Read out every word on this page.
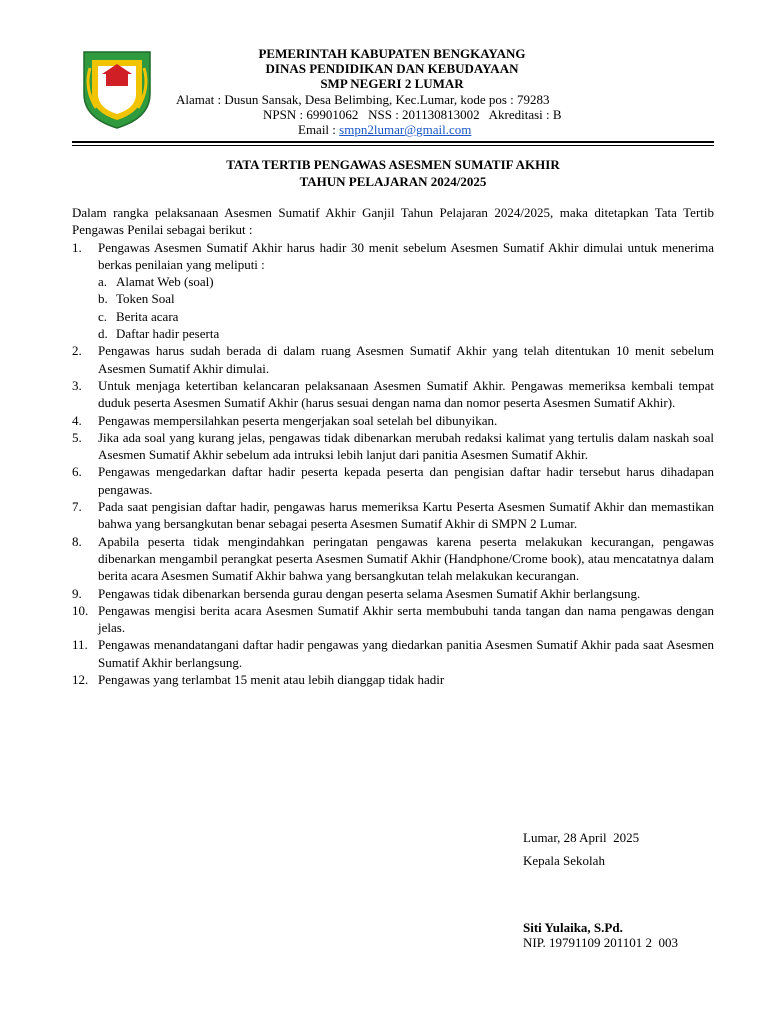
PEMERINTAH KABUPATEN BENGKAYANG
DINAS PENDIDIKAN DAN KEBUDAYAAN
SMP NEGERI 2 LUMAR
Alamat : Dusun Sansak, Desa Belimbing, Kec.Lumar, kode pos : 79283
NPSN : 69901062   NSS : 201130813002   Akreditasi : B
Email : smpn2lumar@gmail.com
TATA TERTIB PENGAWAS ASESMEN SUMATIF AKHIR
TAHUN PELAJARAN 2024/2025

Dalam rangka pelaksanaan Asesmen Sumatif Akhir Ganjil Tahun Pelajaran 2024/2025, maka ditetapkan Tata Tertib Pengawas Penilai sebagai berikut :

1.	Pengawas Asesmen Sumatif Akhir harus hadir 30 menit sebelum Asesmen Sumatif Akhir dimulai untuk menerima berkas penilaian yang meliputi :
a. Alamat Web (soal)
b. Token Soal
c. Berita acara
d. Daftar hadir peserta
2.	Pengawas harus sudah berada di dalam ruang Asesmen Sumatif Akhir yang telah ditentukan 10 menit sebelum Asesmen Sumatif Akhir dimulai.
3.	Untuk menjaga ketertiban kelancaran pelaksanaan Asesmen Sumatif Akhir. Pengawas memeriksa kembali tempat duduk peserta Asesmen Sumatif Akhir (harus sesuai dengan nama dan nomor peserta Asesmen Sumatif Akhir).
4.	Pengawas mempersilahkan peserta mengerjakan soal setelah bel dibunyikan.
5.	Jika ada soal yang kurang jelas, pengawas tidak dibenarkan merubah redaksi kalimat yang tertulis dalam naskah soal Asesmen Sumatif Akhir sebelum ada intruksi lebih lanjut dari panitia Asesmen Sumatif Akhir.
6.	Pengawas mengedarkan daftar hadir peserta kepada peserta dan pengisian daftar hadir tersebut harus dihadapan pengawas.
7.	Pada saat pengisian daftar hadir, pengawas harus memeriksa Kartu Peserta Asesmen Sumatif Akhir dan memastikan bahwa yang bersangkutan benar sebagai peserta Asesmen Sumatif Akhir di SMPN 2 Lumar.
8.	Apabila peserta tidak mengindahkan peringatan pengawas karena peserta melakukan kecurangan, pengawas dibenarkan mengambil perangkat peserta Asesmen Sumatif Akhir (Handphone/Crome book), atau mencatatnya dalam berita acara Asesmen Sumatif Akhir bahwa yang bersangkutan telah melakukan kecurangan.
9.	Pengawas tidak dibenarkan bersenda gurau dengan peserta selama Asesmen Sumatif Akhir berlangsung.
10. Pengawas mengisi berita acara Asesmen Sumatif Akhir serta membubuhi tanda tangan dan nama pengawas dengan jelas.
11. Pengawas menandatangani daftar hadir pengawas yang diedarkan panitia Asesmen Sumatif Akhir pada saat Asesmen Sumatif Akhir berlangsung.
12. Pengawas yang terlambat 15 menit atau lebih dianggap tidak hadir
Lumar, 28 April  2025
Kepala Sekolah
Siti Yulaika, S.Pd.
NIP. 19791109 201101 2  003
